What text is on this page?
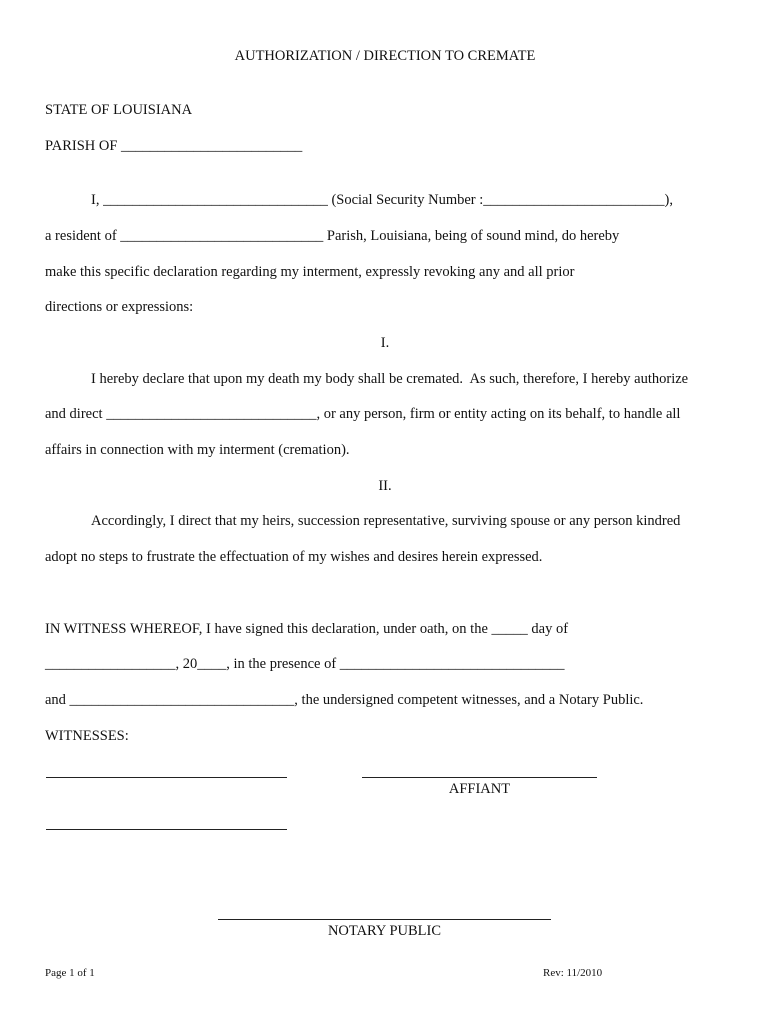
AUTHORIZATION / DIRECTION TO CREMATE
STATE OF LOUISIANA
PARISH OF _________________________
I, _______________________________ (Social Security Number :_________________________),
a resident of ____________________________ Parish, Louisiana, being of sound mind, do hereby
make this specific declaration regarding my interment, expressly revoking any and all prior
directions or expressions:
I.
I hereby declare that upon my death my body shall be cremated.  As such, therefore, I hereby authorize
and direct _____________________________, or any person, firm or entity acting on its behalf, to handle all
affairs in connection with my interment (cremation).
II.
Accordingly, I direct that my heirs, succession representative, surviving spouse or any person kindred
adopt no steps to frustrate the effectuation of my wishes and desires herein expressed.
IN WITNESS WHEREOF, I have signed this declaration, under oath, on the _____ day of
__________________, 20____, in the presence of _______________________________
and _______________________________, the undersigned competent witnesses, and a Notary Public.
WITNESSES:
AFFIANT
NOTARY PUBLIC
Page 1 of 1	Rev: 11/2010
